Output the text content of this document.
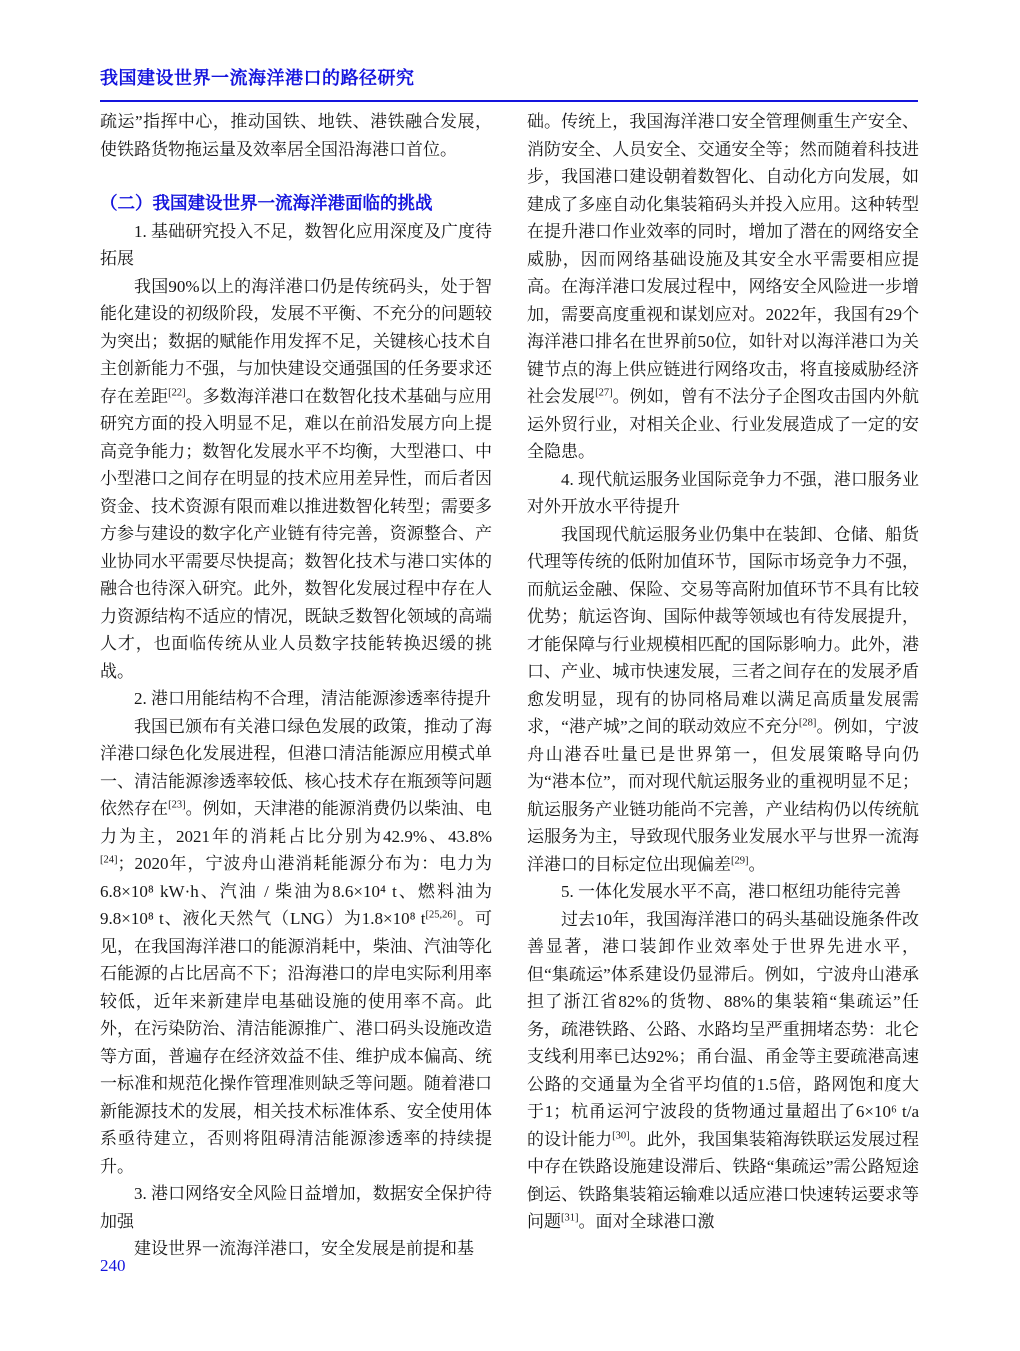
我国建设世界一流海洋港口的路径研究

疏运”指挥中心，推动国铁、地铁、港铁融合发展，使铁路货物拖运量及效率居全国沿海港口首位。

（二）我国建设世界一流海洋港面临的挑战

1. 基础研究投入不足，数智化应用深度及广度待拓展

我国90%以上的海洋港口仍是传统码头，处于智能化建设的初级阶段，发展不平衡、不充分的问题较为突出；数据的赋能作用发挥不足，关键核心技术自主创新能力不强，与加快建设交通强国的任务要求还存在差距[22]。多数海洋港口在数智化技术基础与应用研究方面的投入明显不足，难以在前沿发展方向上提高竞争能力；数智化发展水平不均衡，大型港口、中小型港口之间存在明显的技术应用差异性，而后者因资金、技术资源有限而难以推进数智化转型；需要多方参与建设的数字化产业链有待完善，资源整合、产业协同水平需要尽快提高；数智化技术与港口实体的融合也待深入研究。此外，数智化发展过程中存在人力资源结构不适应的情况，既缺乏数智化领域的高端人才，也面临传统从业人员数字技能转换迟缓的挑战。

2. 港口用能结构不合理，清洁能源渗透率待提升

我国已颁布有关港口绿色发展的政策，推动了海洋港口绿色化发展进程，但港口清洁能源应用模式单一、清洁能源渗透率较低、核心技术存在瓶颈等问题依然存在[23]。例如，天津港的能源消费仍以柴油、电力为主，2021年的消耗占比分别为42.9%、43.8%[24]；2020年，宁波舟山港消耗能源分布为：电力为6.8×10⁸ kW·h、汽油 / 柴油为8.6×10⁴ t、燃料油为9.8×10⁸ t、液化天然气（LNG）为1.8×10⁸ t[25,26]。可见，在我国海洋港口的能源消耗中，柴油、汽油等化石能源的占比居高不下；沿海港口的岸电实际利用率较低，近年来新建岸电基础设施的使用率不高。此外，在污染防治、清洁能源推广、港口码头设施改造等方面，普遍存在经济效益不佳、维护成本偏高、统一标准和规范化操作管理准则缺乏等问题。随着港口新能源技术的发展，相关技术标准体系、安全使用体系亟待建立，否则将阻碍清洁能源渗透率的持续提升。

3. 港口网络安全风险日益增加，数据安全保护待加强

建设世界一流海洋港口，安全发展是前提和基

础。传统上，我国海洋港口安全管理侧重生产安全、消防安全、人员安全、交通安全等；然而随着科技进步，我国港口建设朝着数智化、自动化方向发展，如建成了多座自动化集装箱码头并投入应用。这种转型在提升港口作业效率的同时，增加了潜在的网络安全威胁，因而网络基础设施及其安全水平需要相应提高。在海洋港口发展过程中，网络安全风险进一步增加，需要高度重视和谋划应对。2022年，我国有29个海洋港口排名在世界前50位，如针对以海洋港口为关键节点的海上供应链进行网络攻击，将直接威胁经济社会发展[27]。例如，曾有不法分子企图攻击国内外航运外贸行业，对相关企业、行业发展造成了一定的安全隐患。

4. 现代航运服务业国际竞争力不强，港口服务业对外开放水平待提升

我国现代航运服务业仍集中在装卸、仓储、船货代理等传统的低附加值环节，国际市场竞争力不强，而航运金融、保险、交易等高附加值环节不具有比较优势；航运咨询、国际仲裁等领域也有待发展提升，才能保障与行业规模相匹配的国际影响力。此外，港口、产业、城市快速发展，三者之间存在的发展矛盾愈发明显，现有的协同格局难以满足高质量发展需求，“港产城”之间的联动效应不充分[28]。例如，宁波舟山港吞吐量已是世界第一，但发展策略导向仍为“港本位”，而对现代航运服务业的重视明显不足；航运服务产业链功能尚不完善，产业结构仍以传统航运服务为主，导致现代服务业发展水平与世界一流海洋港口的目标定位出现偏差[29]。

5. 一体化发展水平不高，港口枢纽功能待完善

过去10年，我国海洋港口的码头基础设施条件改善显著，港口装卸作业效率处于世界先进水平，但“集疏运”体系建设仍显滞后。例如，宁波舟山港承担了浙江省82%的货物、88%的集装箱“集疏运”任务，疏港铁路、公路、水路均呈严重拥堵态势：北仑支线利用率已达92%；甬台温、甬金等主要疏港高速公路的交通量为全省平均值的1.5倍，路网饱和度大于1；杭甬运河宁波段的货物通过量超出了6×10⁶ t/a的设计能力[30]。此外，我国集装箱海铁联运发展过程中存在铁路设施建设滞后、铁路“集疏运”需公路短途倒运、铁路集装箱运输难以适应港口快速转运要求等问题[31]。面对全球港口激

240
